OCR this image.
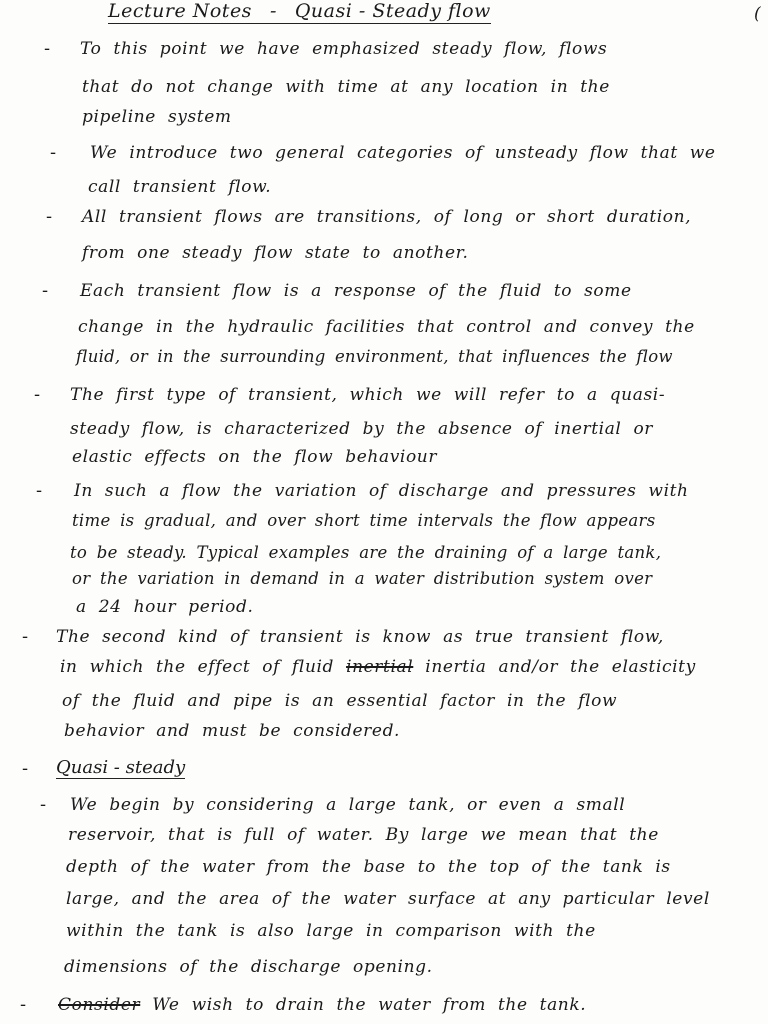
Lecture Notes - Quasi - Steady flow	(
- To this point we have emphasized steady flow, flows
that do not change with time at any location in the
pipeline system
- We introduce two general categories of unsteady flow that we
call transient flow.
- All transient flows are transitions, of long or short duration,
from one steady flow state to another.
- Each transient flow is a response of the fluid to some
change in the hydraulic facilities that control and convey the
fluid, or in the surrounding environment, that influences the flow
- The first type of transient, which we will refer to a quasi-
steady flow, is characterized by the absence of inertial or
elastic effects on the flow behaviour
- In such a flow the variation of discharge and pressures with
time is gradual, and over short time intervals the flow appears
to be steady. Typical examples are the draining of a large tank,
or the variation in demand in a water distribution system over
a 24 hour period.
- The second kind of transient is know as true transient flow,
in which the effect of fluid inertial inertia and/or the elasticity
of the fluid and pipe is an essential factor in the flow
behavior and must be considered.
- Quasi - steady
- We begin by considering a large tank, or even a small
reservoir, that is full of water. By large we mean that the
depth of the water from the base to the top of the tank is
large, and the area of the water surface at any particular level
within the tank is also large in comparison with the
dimensions of the discharge opening.
- Consider We wish to drain the water from the tank.
